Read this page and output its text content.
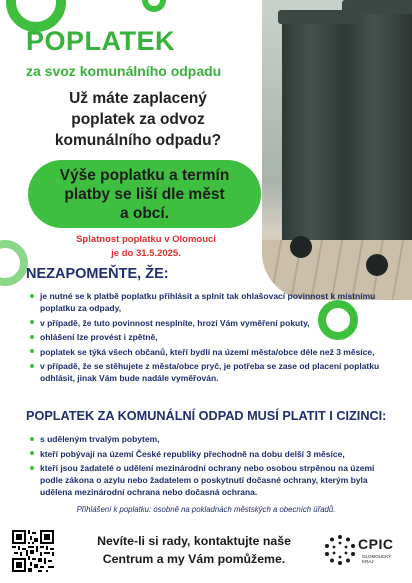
POPLATEK
za svoz komunálního odpadu
Už máte zaplacený poplatek za odvoz komunálního odpadu?
Výše poplatku a termín platby se liší dle měst a obcí.
Splatnost poplatku v Olomouci
je do 31.5.2025.
NEZAPOMEŇTE, ŽE:
je nutné se k platbě poplatku přihlásit a splnit tak ohlašovací povinnost k místnímu poplatku za odpady,
v případě, že tuto povinnost nesplníte, hrozí Vám vyměření pokuty,
ohlášení lze provést i zpětně,
poplatek se týká všech občanů, kteří bydlí na území města/obce déle než 3 měsíce,
v případě, že se stěhujete z města/obce pryč, je potřeba se zase od placení poplatku odhlásit, jinak Vám bude nadále vyměřován.
POPLATEK ZA KOMUNÁLNÍ ODPAD MUSÍ PLATIT I CIZINCI:
s uděleným trvalým pobytem,
kteří pobývají na území České republiky přechodně na dobu delší 3 měsíce,
kteří jsou žadatelé o udělení mezinárodní ochrany nebo osobou strpěnou na území podle zákona o azylu nebo žadatelem o poskytnutí dočasné ochrany, kterým byla udělena mezinárodní ochrana nebo dočasná ochrana.
Přihlášení k poplatku: osobně na pokladnách městských a obecních úřadů.
Nevíte-li si rady, kontaktujte naše
Centrum a my Vám pomůžeme.
CPIC
OLOMOUCKÝ KRAJ
